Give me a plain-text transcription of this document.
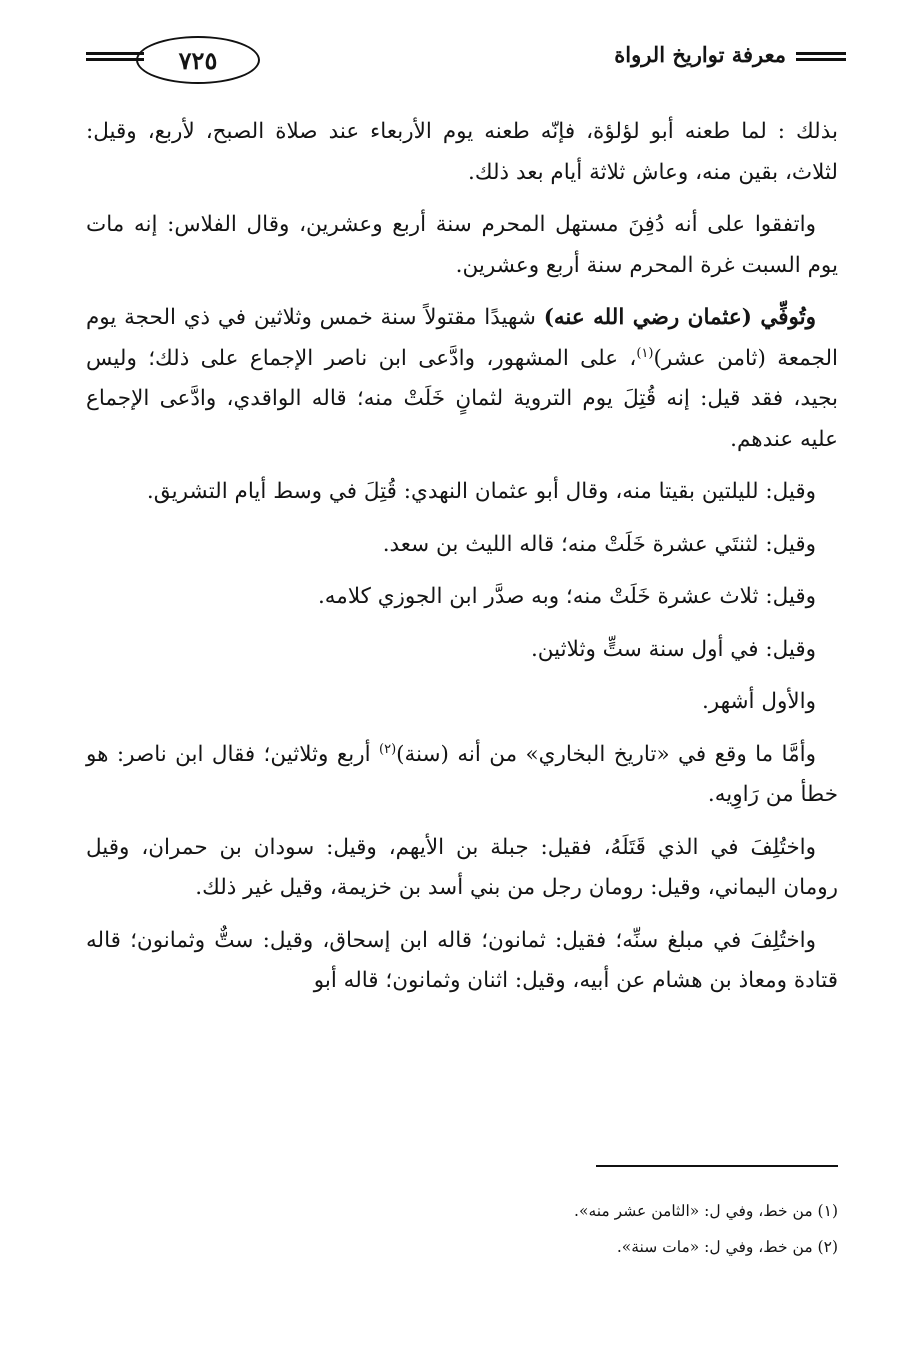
٧٢٥	معرفة تواريخ الرواة

بذلك : لما طعنه أبو لؤلؤة، فإنّه طعنه يوم الأربعاء عند صلاة الصبح، لأربع، وقيل: لثلاث، بقين منه، وعاش ثلاثة أيام بعد ذلك.

واتفقوا على أنه دُفِنَ مستهل المحرم سنة أربع وعشرين، وقال الفلاس: إنه مات يوم السبت غرة المحرم سنة أربع وعشرين.

وتُوفِّي (عثمان رضي الله عنه) شهيدًا مقتولاً سنة خمس وثلاثين في ذي الحجة يوم الجمعة (ثامن عشر)$^{(١)}$، على المشهور، وادَّعى ابن ناصر الإجماع على ذلك؛ وليس بجيد، فقد قيل: إنه قُتِلَ يوم التروية لثمانٍ خَلَتْ منه؛ قاله الواقدي، وادَّعى الإجماع عليه عندهم.

وقيل: لليلتين بقيتا منه، وقال أبو عثمان النهدي: قُتِلَ في وسط أيام التشريق.

وقيل: لثنتَي عشرة خَلَتْ منه؛ قاله الليث بن سعد.

وقيل: ثلاث عشرة خَلَتْ منه؛ وبه صدَّر ابن الجوزي كلامه.

وقيل: في أول سنة ستٍّ وثلاثين.

والأول أشهر.

وأمَّا ما وقع في «تاريخ البخاري» من أنه (سنة)$^{(٢)}$ أربع وثلاثين؛ فقال ابن ناصر: هو خطأ من رَاوِيه.

واختُلِفَ في الذي قَتَلَهُ، فقيل: جبلة بن الأيهم، وقيل: سودان بن حمران، وقيل رومان اليماني، وقيل: رومان رجل من بني أسد بن خزيمة، وقيل غير ذلك.

واختُلِفَ في مبلغ سنِّه؛ فقيل: ثمانون؛ قاله ابن إسحاق، وقيل: ستٌّ وثمانون؛ قاله قتادة ومعاذ بن هشام عن أبيه، وقيل: اثنان وثمانون؛ قاله أبو

(١) من خط، وفي ل: «الثامن عشر منه».
(٢) من خط، وفي ل: «مات سنة».
